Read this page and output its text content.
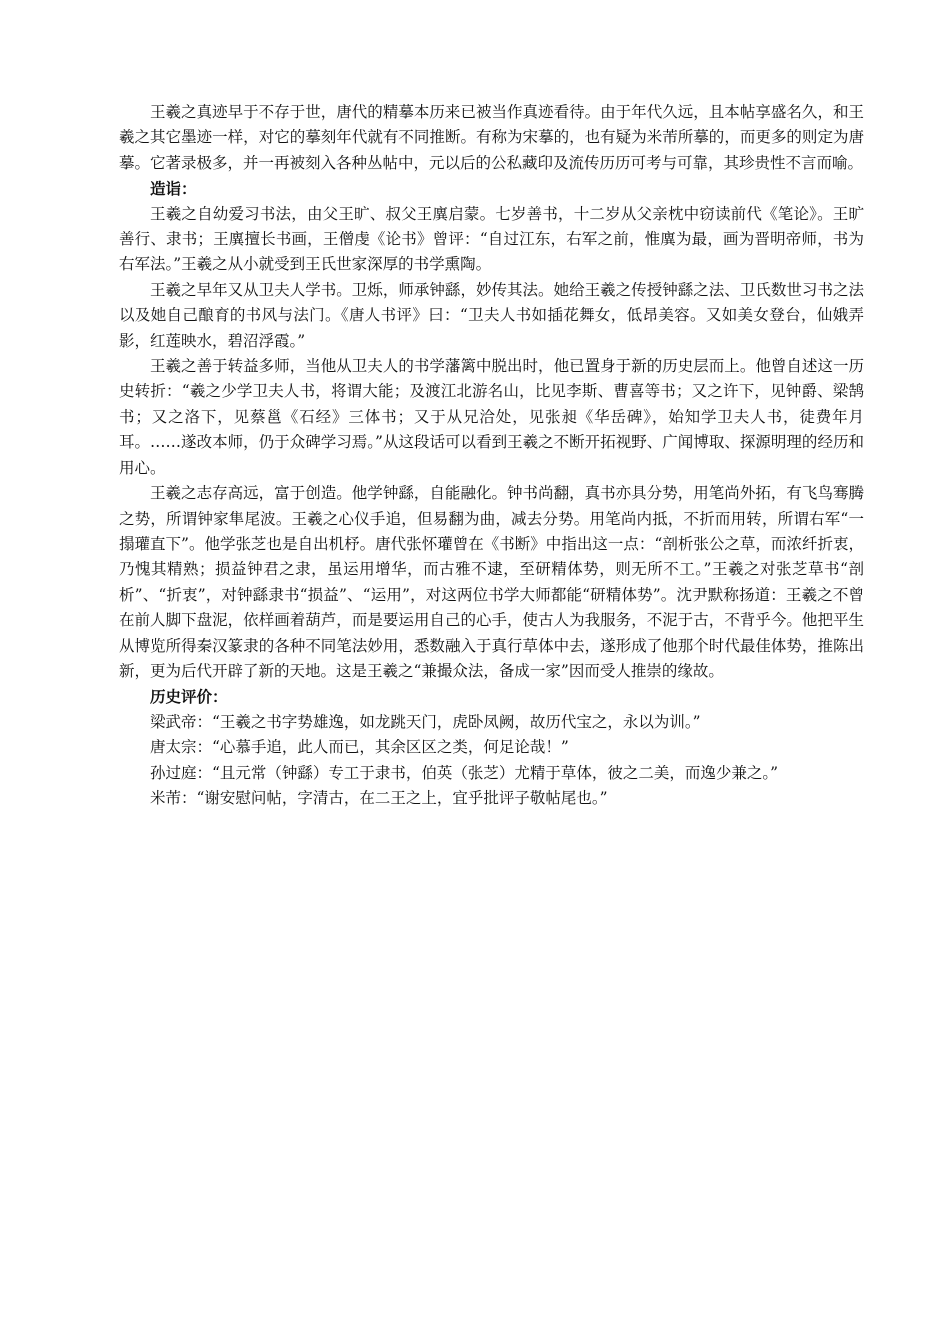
王羲之真迹早于不存于世，唐代的精摹本历来已被当作真迹看待。由于年代久远，且本帖享盛名久，和王羲之其它墨迹一样，对它的摹刻年代就有不同推断。有称为宋摹的，也有疑为米芾所摹的，而更多的则定为唐摹。它著录极多，并一再被刻入各种丛帖中，元以后的公私藏印及流传历历可考与可靠，其珍贵性不言而喻。

造诣：

王羲之自幼爱习书法，由父王旷、叔父王廙启蒙。七岁善书，十二岁从父亲枕中窃读前代《笔论》。王旷善行、隶书；王廙擅长书画，王僧虔《论书》曾评：“自过江东，右军之前，惟廙为最，画为晋明帝师，书为右军法。”王羲之从小就受到王氏世家深厚的书学熏陶。

王羲之早年又从卫夫人学书。卫烁，师承钟繇，妙传其法。她给王羲之传授钟繇之法、卫氏数世习书之法以及她自己酿育的书风与法门。《唐人书评》曰：“卫夫人书如插花舞女，低昂美容。又如美女登台，仙娥弄影，红莲映水，碧沼浮霞。”

王羲之善于转益多师，当他从卫夫人的书学藩篱中脱出时，他已置身于新的历史层而上。他曾自述这一历史转折：“羲之少学卫夫人书，将谓大能；及渡江北游名山，比见李斯、曹喜等书；又之许下，见钟爵、梁鹄书；又之洛下，见蔡邕《石经》三体书；又于从兄洽处，见张昶《华岳碑》，始知学卫夫人书，徒费年月耳。……遂改本师，仍于众碑学习焉。”从这段话可以看到王羲之不断开拓视野、广闻博取、探源明理的经历和用心。

王羲之志存高远，富于创造。他学钟繇，自能融化。钟书尚翻，真书亦具分势，用笔尚外拓，有飞鸟骞腾之势，所谓钟家隼尾波。王羲之心仪手追，但易翻为曲，减去分势。用笔尚内抵，不折而用转，所谓右军“一搨瓘直下”。他学张芝也是自出机杼。唐代张怀瓘曾在《书断》中指出这一点：“剖析张公之草，而浓纤折衷，乃愧其精熟；损益钟君之隶，虽运用增华，而古雅不逮，至研精体势，则无所不工。”王羲之对张芝草书“剖析”、“折衷”，对钟繇隶书“损益”、“运用”，对这两位书学大师都能“研精体势”。沈尹默称扬道：王羲之不曾在前人脚下盘泥，依样画着葫芦，而是要运用自己的心手，使古人为我服务，不泥于古，不背乎今。他把平生从博览所得秦汉篆隶的各种不同笔法妙用，悉数融入于真行草体中去，遂形成了他那个时代最佳体势，推陈出新，更为后代开辟了新的天地。这是王羲之“兼撮众法，备成一家”因而受人推崇的缘故。

历史评价：

梁武帝：“王羲之书字势雄逸，如龙跳天门，虎卧凤阙，故历代宝之，永以为训。”

唐太宗：“心慕手追，此人而已，其余区区之类，何足论哉！”

孙过庭：“且元常（钟繇）专工于隶书，伯英（张芝）尤精于草体，彼之二美，而逸少兼之。”

米芾：“谢安慰问帖，字清古，在二王之上，宜乎批评子敬帖尾也。”
